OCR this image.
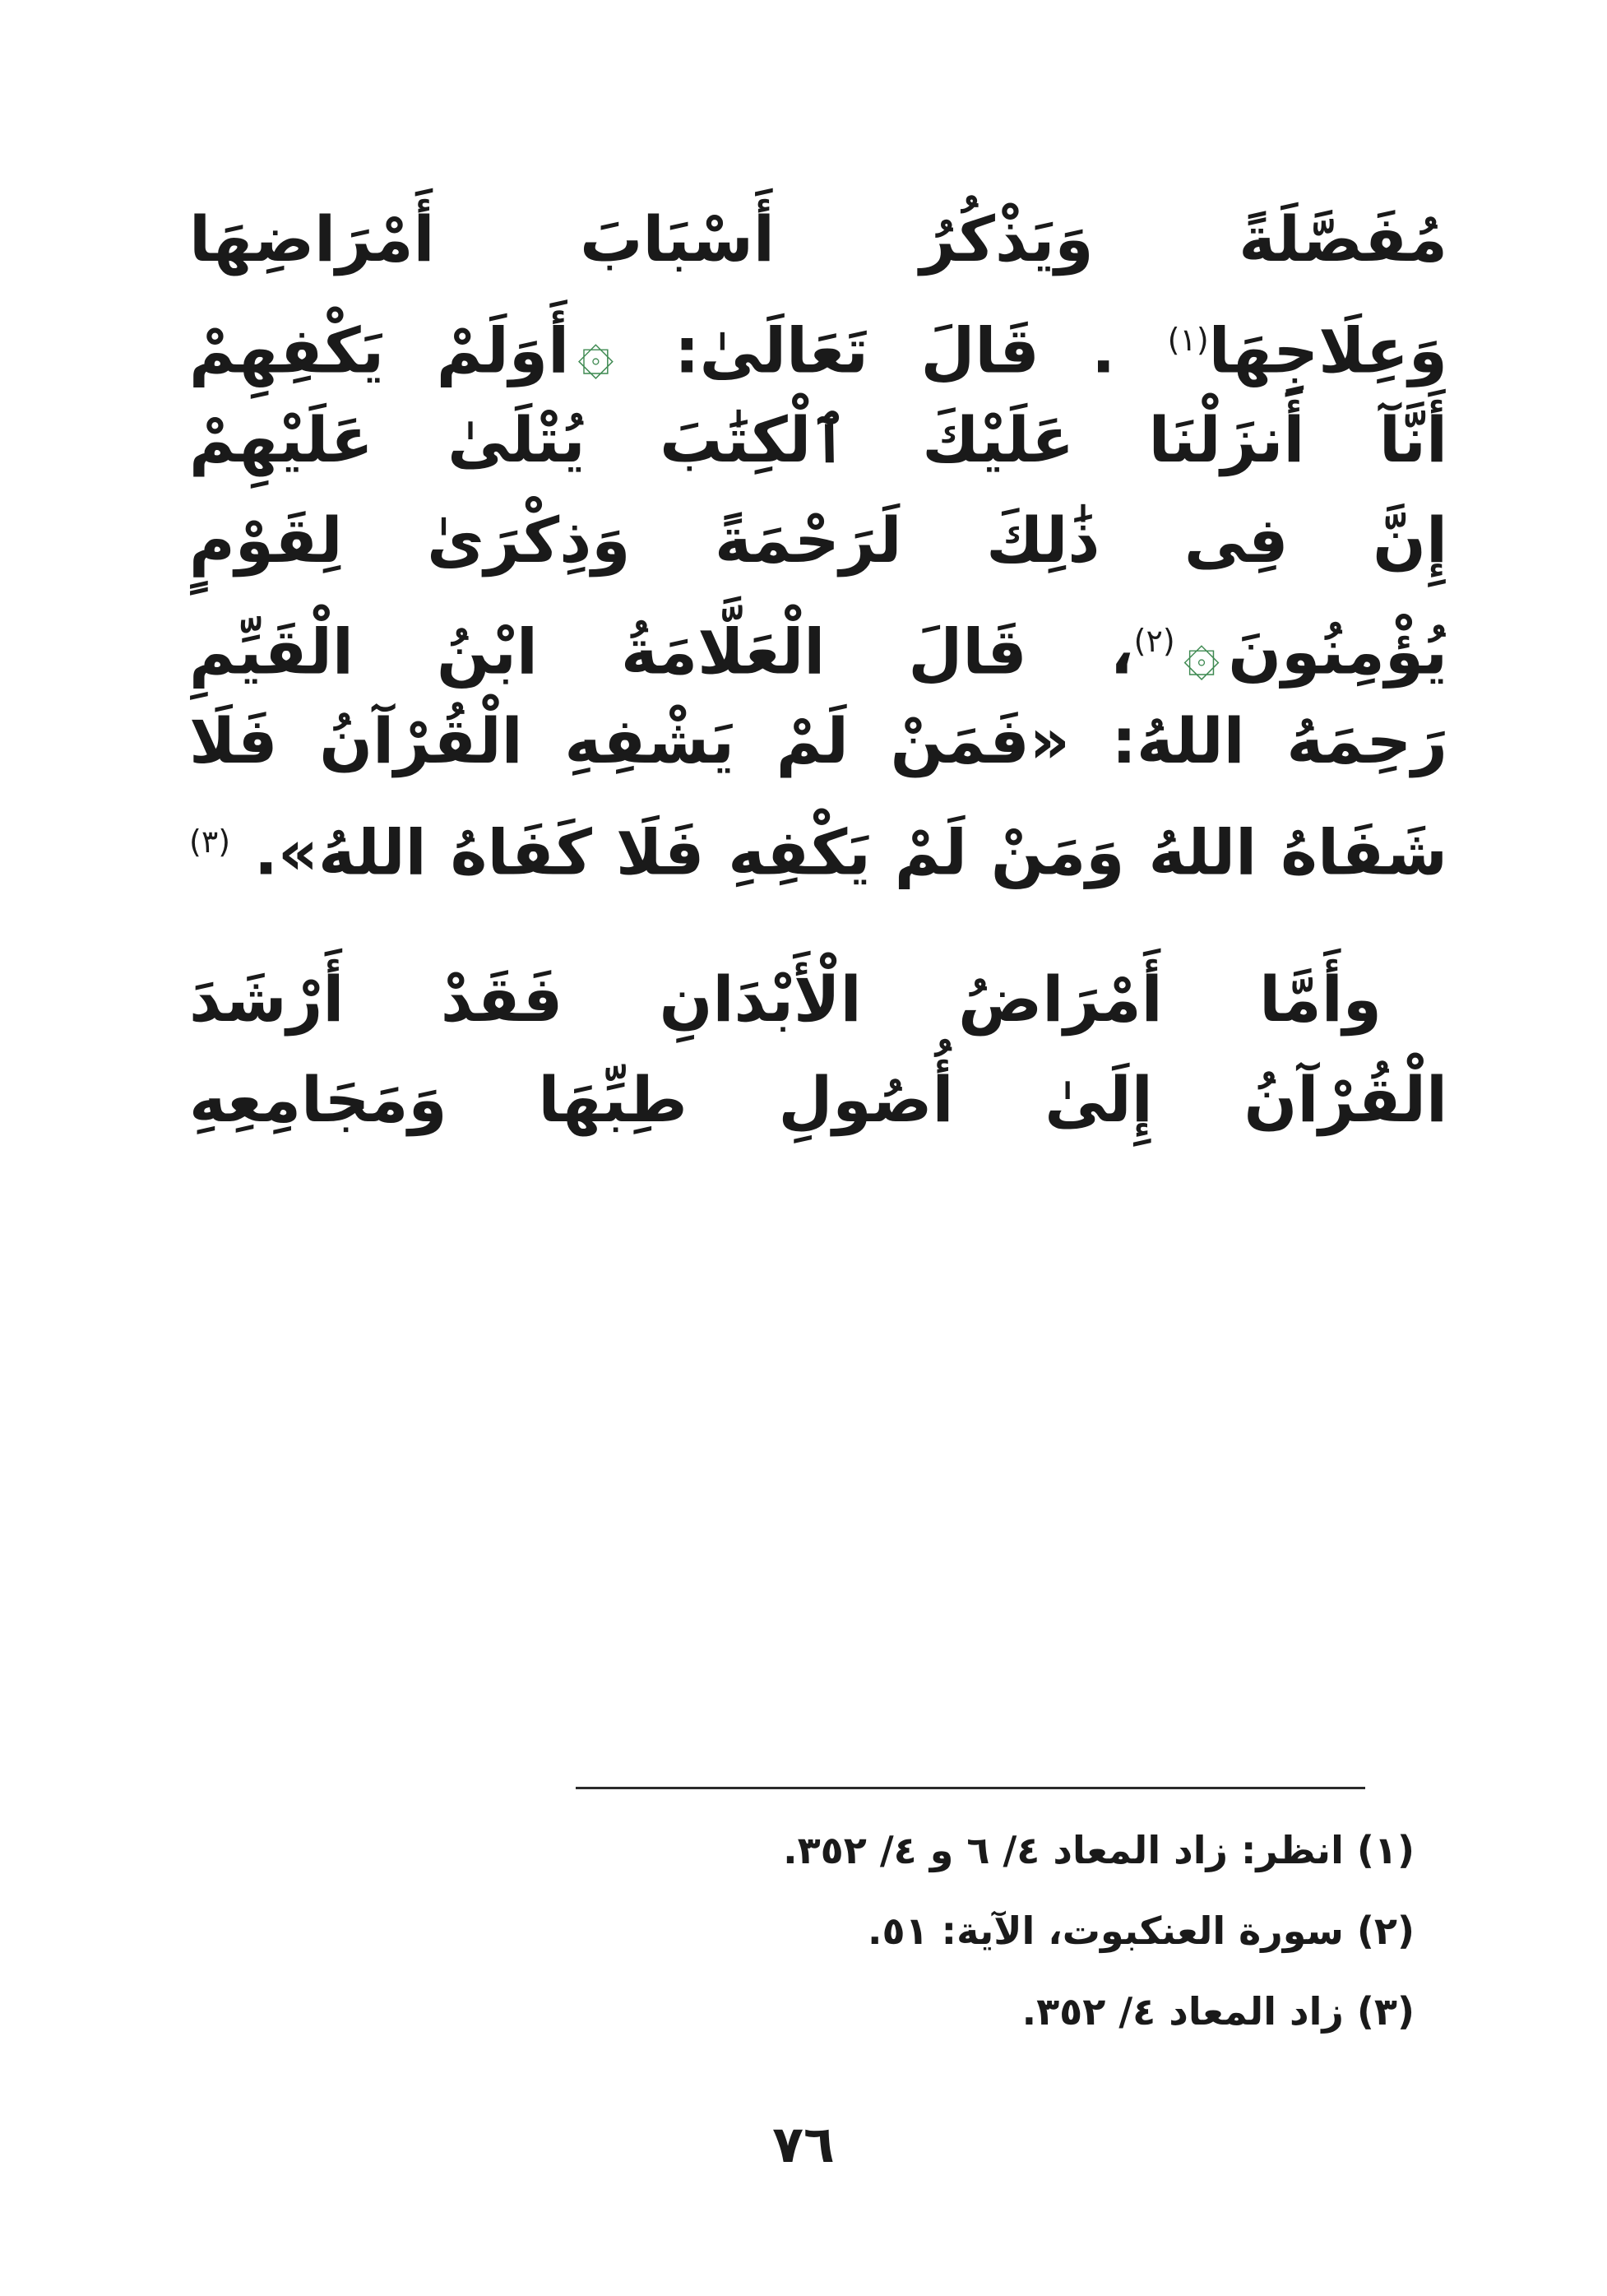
مُفَصَّلَةً وَيَذْكُرُ أَسْبَابَ أَمْرَاضِهَا
وَعِلَاجِهَا$^{(١)}$ . قَالَ تَعَالَىٰ: ۞أَوَلَمْ يَكْفِهِمْ
أَنَّآ أَنزَلْنَا عَلَيْكَ ٱلْكِتَٰبَ يُتْلَىٰ عَلَيْهِمْ
إِنَّ فِى ذَٰلِكَ لَرَحْمَةً وَذِكْرَىٰ لِقَوْمٍ
يُؤْمِنُونَ۞$^{(٢)}$، قَالَ الْعَلَّامَةُ ابْنُ الْقَيِّمِ
رَحِمَهُ اللهُ: «فَمَنْ لَمْ يَشْفِهِ الْقُرْآنُ فَلَا
شَفَاهُ اللهُ وَمَنْ لَمْ يَكْفِهِ فَلَا كَفَاهُ اللهُ». $^{(٣)}$
وأَمَّا أَمْرَاضُ الْأَبْدَانِ فَقَدْ أَرْشَدَ
الْقُرْآنُ إِلَىٰ أُصُولِ طِبِّهَا وَمَجَامِعِهِ
(١) انظر: زاد المعاد ٤/ ٦ و ٤/ ٣٥٢.
(٢) سورة العنكبوت، الآية: ٥١.
(٣) زاد المعاد ٤/ ٣٥٢.
٧٦
